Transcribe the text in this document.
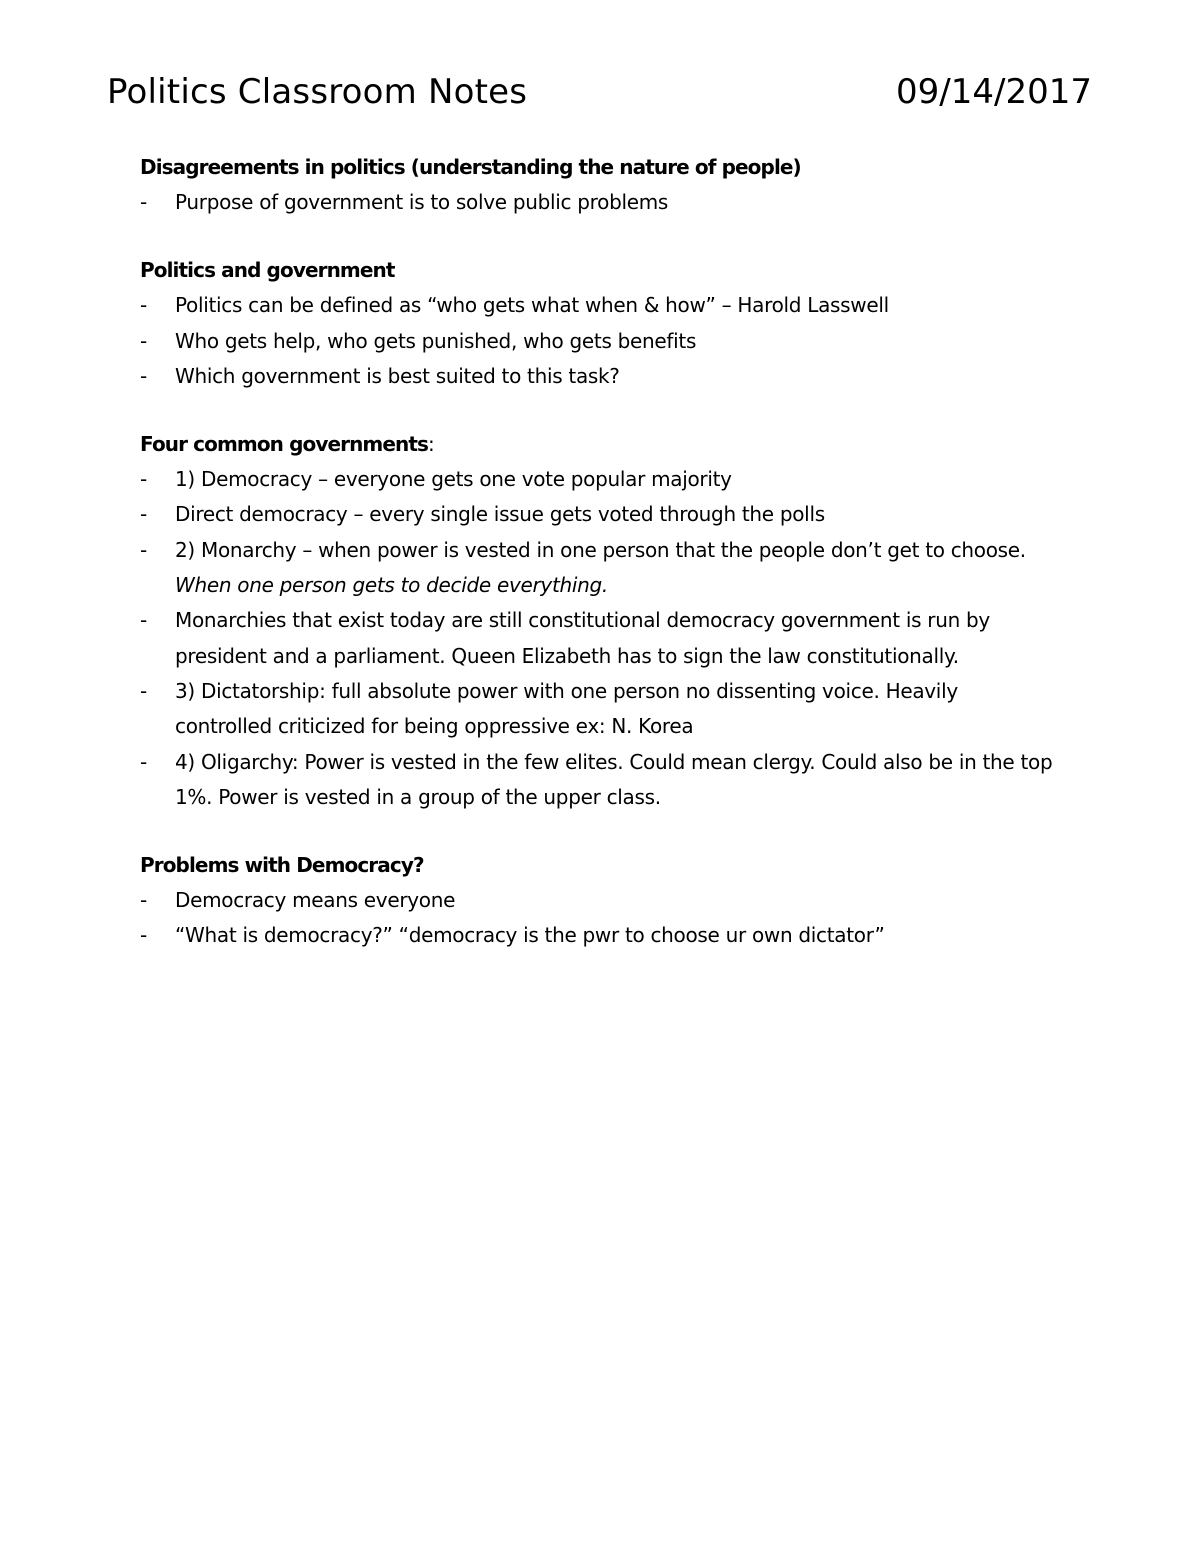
Politics Classroom Notes	09/14/2017
Disagreements in politics (understanding the nature of people)
- Purpose of government is to solve public problems
Politics and government
- Politics can be defined as “who gets what when & how” – Harold Lasswell
- Who gets help, who gets punished, who gets benefits
- Which government is best suited to this task?
Four common governments:
- 1) Democracy – everyone gets one vote popular majority
- Direct democracy – every single issue gets voted through the polls
- 2) Monarchy – when power is vested in one person that the people don’t get to choose. When one person gets to decide everything.
- Monarchies that exist today are still constitutional democracy government is run by president and a parliament. Queen Elizabeth has to sign the law constitutionally.
- 3) Dictatorship: full absolute power with one person no dissenting voice. Heavily controlled criticized for being oppressive ex: N. Korea
- 4) Oligarchy: Power is vested in the few elites. Could mean clergy. Could also be in the top 1%. Power is vested in a group of the upper class.
Problems with Democracy?
- Democracy means everyone
- “What is democracy?” “democracy is the pwr to choose ur own dictator”
